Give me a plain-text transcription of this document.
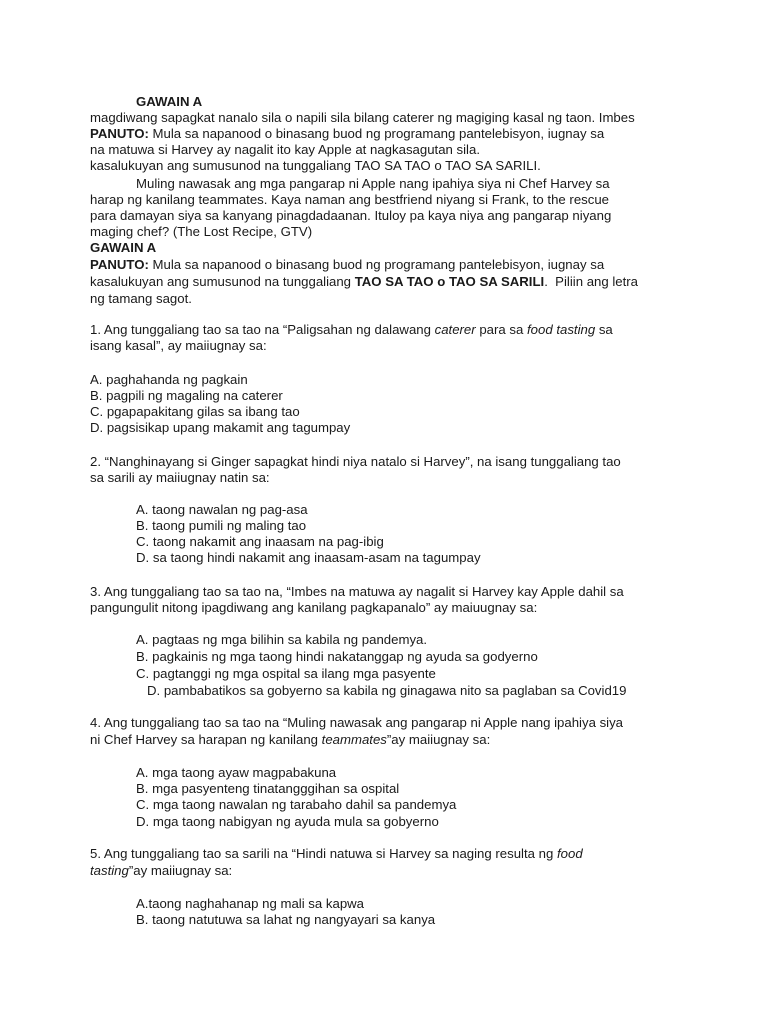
GAWAIN A
magdiwang sapagkat nanalo sila o napili sila bilang caterer ng magiging kasal ng taon. Imbes
PANUTO: Mula sa napanood o binasang buod ng programang pantelebisyon, iugnay sa
na matuwa si Harvey ay nagalit ito kay Apple at nagkasagutan sila.
kasalukuyan ang sumusunod na tunggaliang TAO SA TAO o TAO SA SARILI.
Muling nawasak ang mga pangarap ni Apple nang ipahiya siya ni Chef Harvey sa
harap ng kanilang teammates. Kaya naman ang bestfriend niyang si Frank, to the rescue
para damayan siya sa kanyang pinagdadaanan. Ituloy pa kaya niya ang pangarap niyang
maging chef? (The Lost Recipe, GTV)
GAWAIN A
PANUTO: Mula sa napanood o binasang buod ng programang pantelebisyon, iugnay sa
kasalukuyan ang sumusunod na tunggaliang TAO SA TAO o TAO SA SARILI.  Piliin ang letra
ng tamang sagot.
1. Ang tunggaliang tao sa tao na “Paligsahan ng dalawang caterer para sa food tasting sa
isang kasal”, ay maiiugnay sa:
A. paghahanda ng pagkain
B. pagpili ng magaling na caterer
C. pgapapakitang gilas sa ibang tao
D. pagsisikap upang makamit ang tagumpay
2. “Nanghinayang si Ginger sapagkat hindi niya natalo si Harvey”, na isang tunggaliang tao
sa sarili ay maiiugnay natin sa:
A. taong nawalan ng pag-asa
B. taong pumili ng maling tao
C. taong nakamit ang inaasam na pag-ibig
D. sa taong hindi nakamit ang inaasam-asam na tagumpay
3. Ang tunggaliang tao sa tao na, “Imbes na matuwa ay nagalit si Harvey kay Apple dahil sa
pangungulit nitong ipagdiwang ang kanilang pagkapanalo” ay maiuugnay sa:
A. pagtaas ng mga bilihin sa kabila ng pandemya.
B. pagkainis ng mga taong hindi nakatanggap ng ayuda sa godyerno
C. pagtanggi ng mga ospital sa ilang mga pasyente
D. pambabatikos sa gobyerno sa kabila ng ginagawa nito sa paglaban sa Covid19
4. Ang tunggaliang tao sa tao na “Muling nawasak ang pangarap ni Apple nang ipahiya siya
ni Chef Harvey sa harapan ng kanilang teammates”ay maiiugnay sa:
A. mga taong ayaw magpabakuna
B. mga pasyenteng tinatangggihan sa ospital
C. mga taong nawalan ng tarabaho dahil sa pandemya
D. mga taong nabigyan ng ayuda mula sa gobyerno
5. Ang tunggaliang tao sa sarili na “Hindi natuwa si Harvey sa naging resulta ng food
tasting”ay maiiugnay sa:
A.taong naghahanap ng mali sa kapwa
B. taong natutuwa sa lahat ng nangyayari sa kanya
